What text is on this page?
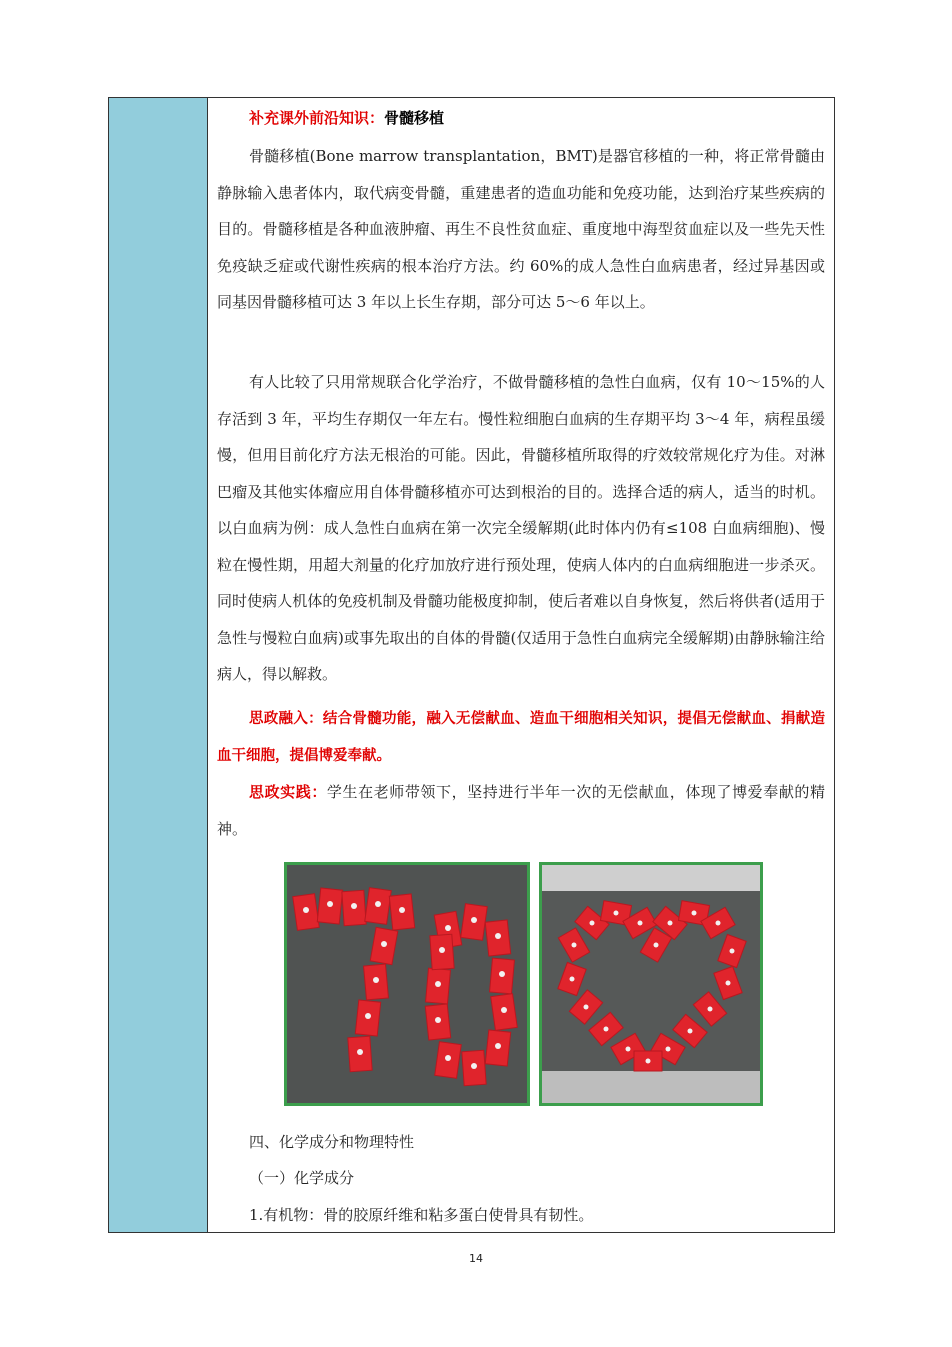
补充课外前沿知识：骨髓移植

骨髓移植(Bone marrow transplantation，BMT)是器官移植的一种，将正常骨髓由静脉输入患者体内，取代病变骨髓，重建患者的造血功能和免疫功能，达到治疗某些疾病的目的。骨髓移植是各种血液肿瘤、再生不良性贫血症、重度地中海型贫血症以及一些先天性免疫缺乏症或代谢性疾病的根本治疗方法。约 60%的成人急性白血病患者，经过异基因或同基因骨髓移植可达 3 年以上长生存期，部分可达 5～6 年以上。

有人比较了只用常规联合化学治疗，不做骨髓移植的急性白血病，仅有 10～15%的人存活到 3 年，平均生存期仅一年左右。慢性粒细胞白血病的生存期平均 3～4 年，病程虽缓慢，但用目前化疗方法无根治的可能。因此，骨髓移植所取得的疗效较常规化疗为佳。对淋巴瘤及其他实体瘤应用自体骨髓移植亦可达到根治的目的。选择合适的病人，适当的时机。以白血病为例：成人急性白血病在第一次完全缓解期(此时体内仍有≤108 白血病细胞)、慢粒在慢性期，用超大剂量的化疗加放疗进行预处理，使病人体内的白血病细胞进一步杀灭。同时使病人机体的免疫机制及骨髓功能极度抑制，使后者难以自身恢复，然后将供者(适用于急性与慢粒白血病)或事先取出的自体的骨髓(仅适用于急性白血病完全缓解期)由静脉输注给病人，得以解救。

思政融入：结合骨髓功能，融入无偿献血、造血干细胞相关知识，提倡无偿献血、捐献造血干细胞，提倡博爱奉献。

思政实践：学生在老师带领下，坚持进行半年一次的无偿献血，体现了博爱奉献的精神。

四、化学成分和物理特性

（一）化学成分

1.有机物：骨的胶原纤维和粘多蛋白使骨具有韧性。

14
